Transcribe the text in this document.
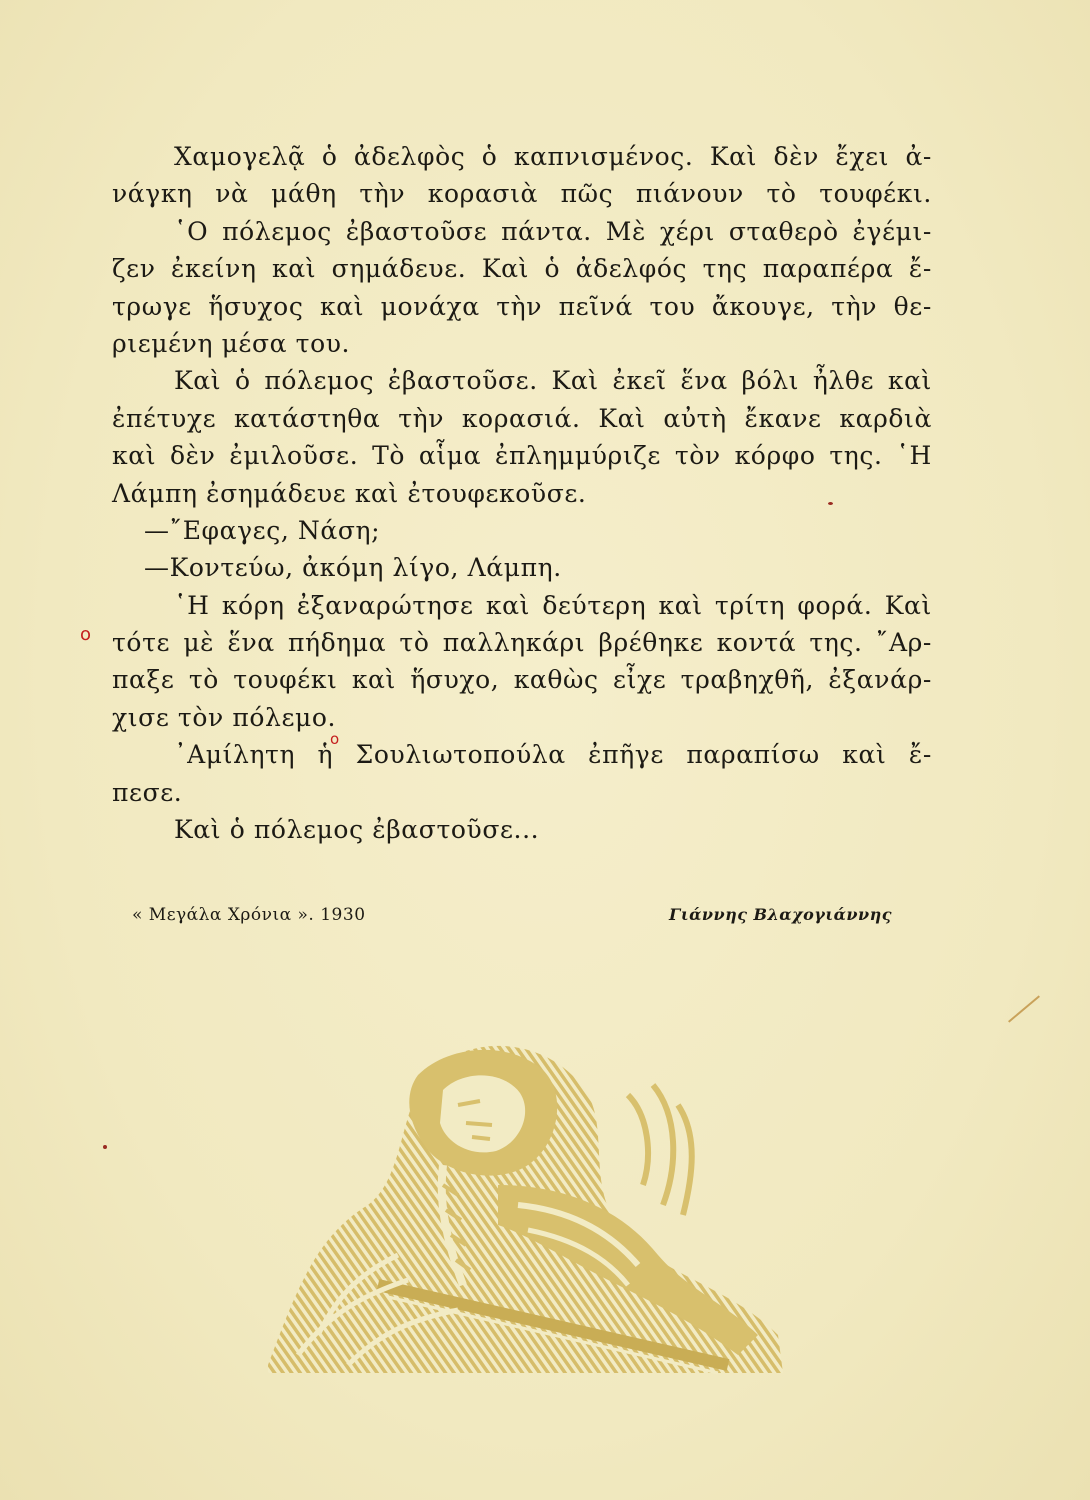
Χαμογελᾷ ὁ ἀδελφὸς ὁ καπνισμένος. Καὶ δὲν ἔχει ἀ-
νάγκη νὰ μάθη τὴν κορασιὰ πῶς πιάνουν τὸ τουφέκι.
῾Ο πόλεμος ἐβαστοῦσε πάντα. Μὲ χέρι σταθερὸ ἐγέμι-
ζεν ἐκείνη καὶ σημάδευε. Καὶ ὁ ἀδελφός της παραπέρα ἔ-
τρωγε ἥσυχος καὶ μονάχα τὴν πεῖνά του ἄκουγε, τὴν θε-
ριεμένη μέσα του.
Καὶ ὁ πόλεμος ἐβαστοῦσε. Καὶ ἐκεῖ ἕνα βόλι ἦλθε καὶ
ἐπέτυχε κατάστηθα τὴν κορασιά. Καὶ αὐτὴ ἔκανε καρδιὰ
καὶ δὲν ἐμιλοῦσε. Τὸ αἷμα ἐπλημμύριζε τὸν κόρφο της. ῾Η
Λάμπη ἐσημάδευε καὶ ἐτουφεκοῦσε.
—῎Εφαγες, Νάση;
—Κοντεύω, ἀκόμη λίγο, Λάμπη.
῾Η κόρη ἐξαναρώτησε καὶ δεύτερη καὶ τρίτη φορά. Καὶ
τότε μὲ ἕνα πήδημα τὸ παλληκάρι βρέθηκε κοντά της. ῎Αρ-
παξε τὸ τουφέκι καὶ ἥσυχο, καθὼς εἶχε τραβηχθῆ, ἐξανάρ-
χισε τὸν πόλεμο.
᾿Αμίλητη ἡ Σουλιωτοπούλα ἐπῆγε παραπίσω καὶ ἔ-
πεσε.
Καὶ ὁ πόλεμος ἐβαστοῦσε...
o
o
« Μεγάλα Χρόνια ». 1930	Γιάννης Βλαχογιάννης
